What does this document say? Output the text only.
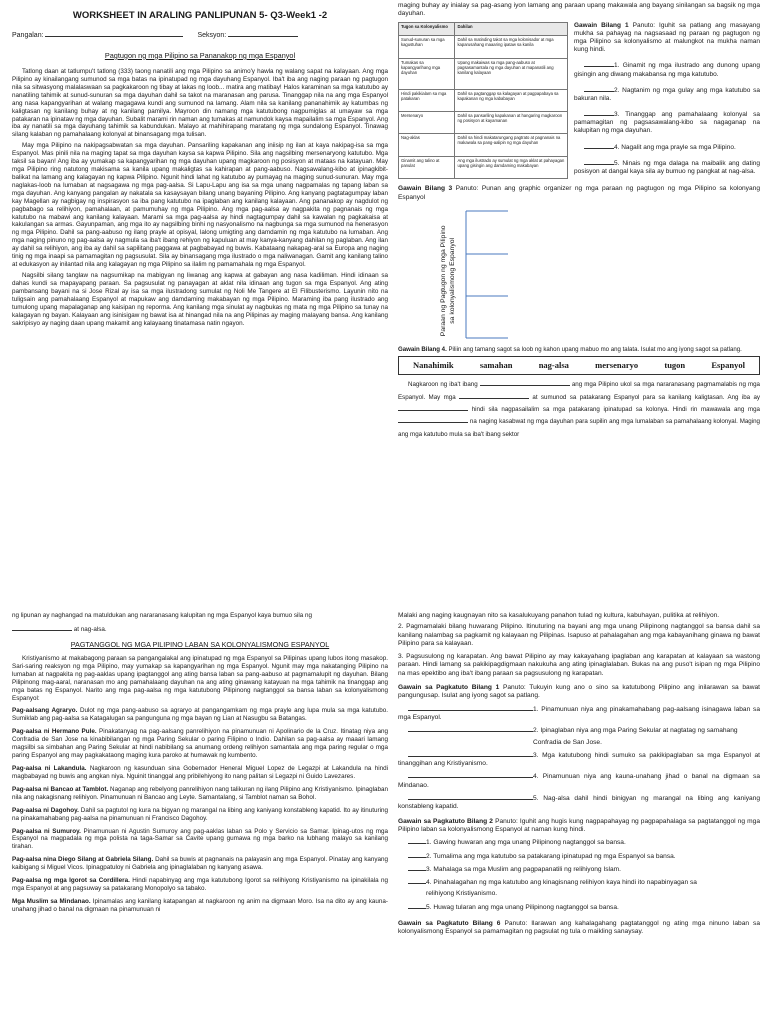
WORKSHEET IN ARALING PANLIPUNAN 5- Q3-Week1 -2
Pangalan:	Seksyon:
Pagtugon ng mga Pilipino sa Pananakop ng mga Espanyol

Tatlong daan at tatlumpu't tatlong (333) taong nanatili ang mga Pilipino sa animo'y hawla ng walang sapat na kalayaan. Ang mga Pilipino ay kinailangang sumunod sa mga batas na ipinatupad ng mga dayuhang Espanyol. Iba't iba ang naging paraan ng pagtugon nila sa sitwasyong malalaswaan sa pagkakaroon ng tibay at lakas ng loob... matira ang matibay! Halos karaminan sa mga katutubo ay nanatiling tahimik at sunud-sunuran sa mga dayuhan dahil sa takot na maranasan ang parusa. Tinanggap nila na ang mga Espanyol ang nasa kapangyarihan at walang magagawa kundi ang sumunod na lamang. Alam nila sa kanilang pananahimik ay katumbas ng kaligtasan ng kanilang buhay at ng kanilang pamilya. Mayroon din namang mga katutubong nagpumiglas at umayaw sa mga patakaran na ipinataw ng mga dayuhan. Subalit marami rin naman ang tumakas at namundok kaysa mapailalim sa mga Espanyol. Ang iba ay nanatili sa mga dayuhang tahimik sa kabundukan. Malayo at mahihirapang maratang ng mga sundalong Espanyol. Tinawag silang kalaban ng pamahalaang kolonyal at binansagang mga tulisan.

May mga Pilipino na nakipagsabwatan sa mga dayuhan. Pansariling kapakanan ang iniisip ng ilan at kaya nakipag-isa sa mga Espanyol. Mas pinili nila na maging tapat sa mga dayuhan kaysa sa kapwa Pilipino. Sila ang nagsilbing mersenaryong katutubo. Mga taksil sa bayan! Ang iba ay yumakap sa kapangyarihan ng mga dayuhan upang magkaroon ng posisyon at mataas na katayuan. May mga Pilipino ring natutong makisama sa kanila upang makaligtas sa kahirapan at pang-aabuso. Nagsawalang-kibo at ipinagkibit-balikat na lamang ang kalagayan ng kapwa Pilipino. Ngunit hindi lahat ng katutubo ay pumayag na maging sunud-sunuran. May mga naglakas-loob na lumaban at nagsagawa ng mga pag-aalsa. Si Lapu-Lapu ang isa sa mga unang nagpamalas ng tapang laban sa mga dayuhan. Ang kanyang pangalan ay nakatala sa kasaysayan bilang unang bayaning Pilipino. Ang kanyang pagtatagumpay laban kay Magellan ay nagbigay ng inspirasyon sa iba pang katutubo na ipaglaban ang kanilang kalayaan. Ang pananakop ay nagdulot ng pagbabago sa relihiyon, pamahalaan, at pamumuhay ng mga Pilipino. Ang mga pag-aalsa ay nagpakita ng pagnanais ng mga katutubo na mabawi ang kanilang kalayaan. Marami sa mga pag-aalsa ay hindi nagtagumpay dahil sa kawalan ng pagkakaisa at kakulangan sa armas. Gayunpaman, ang mga ito ay nagsilbing binhi ng nasyonalismo na nagbunga sa mga sumunod na henerasyon ng mga Pilipino. Dahil sa pang-aabuso ng ilang prayle at opisyal, lalong umigting ang damdamin ng mga katutubo na lumaban. Ang mga naging pinuno ng pag-aalsa ay nagmula sa iba't ibang rehiyon ng kapuluan at may kanya-kanyang dahilan ng paglaban. Ang ilan ay dahil sa relihiyon, ang iba ay dahil sa sapilitang paggawa at pagbabayad ng buwis. Kabataang nakapag-aral sa Europa ang naging tinig ng mga inaapi sa pamamagitan ng pagsusulat. Sila ay binansagang mga ilustrado o mga naliwanagan. Gamit ang kanilang talino at edukasyon ay inilantad nila ang kalagayan ng mga Pilipino sa ilalim ng pamamahala ng mga Espanyol.

Nagsilbi silang tanglaw na nagsumikap na mabigyan ng liwanag ang kapwa at gabayan ang nasa kadiliman. Hindi idinaan sa dahas kundi sa mapayapang paraan. Sa pagsusulat ng panayagan at aklat nila idinaan ang tugon sa mga Espanyol. Ang ating pambansang bayani na si Jose Rizal ay isa sa mga ilustradong sumulat ng Noli Me Tangere at El Filibusterismo. Layunin nito na tuligsain ang pamahalaang Espanyol at mapukaw ang damdaming makabayan ng mga Pilipino. Maraming iba pang ilustrado ang tumulong upang mapalaganap ang kaisipan ng reporma. Ang kanilang mga sinulat ay nagbukas ng mata ng mga Pilipino sa tunay na kalagayan ng bayan. Kalayaan ang isinisigaw ng bawat isa at hinangad nila na ang Pilipinas ay maging malayang bansa. Ang kanilang sakripisyo ay naging daan upang makamit ang kalayaang tinatamasa natin ngayon.

maging buhay ay inialay sa pag-asang iyon lamang ang paraan upang makawala ang bayang sinilangan sa bagsik ng mga dayuhan.

Tugon sa Kolonyalismo	Dahilan
Sunud-sunuran sa mga kagustuhan	Dahil sa matinding takot sa mga kolonisador at mga kaparusahang maaaring ipataw sa kanila
Tumakas sa kapangyarihang mga dayuhan	Upang makaiwas sa mga pang-aabuso at pagsasamantala ng mga dayuhan at mapanatili ang kanilang kalayaan
Hindi pakikialam sa mga patakaran	Dahil sa pagtanggap sa kalagayan at pagpapabaya sa kapakanan ng mga kababayan
Mersenaryo	Dahil sa pansariling kapakanan at hangaring magkaroon ng posisyon at kayamanan
Nag-aklas	Dahil sa hindi makatarungang pagtrato at pagnanais na makawala sa pang-aalipin ng mga dayuhan
Ginamit ang talino at panulat	Ang mga ilustrado ay sumulat ng mga aklat at pahayagan upang gisingin ang damdaming makabayan

Gawain Bilang 1 Panuto: Iguhit sa patlang ang masayang mukha sa pahayag na nagsasaad ng paraan ng pagtugon ng mga Pilipino sa kolonyalismo at malungkot na mukha naman kung hindi.

1. Ginamit ng mga ilustrado ang dunong upang gisingin ang diwang makabansa ng mga katutubo.

2. Nagtanim ng mga gulay ang mga katutubo sa bakuran nila.

3. Tinanggap ang pamahalaang kolonyal sa pamamagitan ng pagsasawalang-kibo sa nagaganap na kalupitan ng mga dayuhan.

4. Nagalit ang mga prayle sa mga Pilipino.

5. Ninais ng mga dalaga na maibalik ang dating posisyon at dangal kaya sila ay bumuo ng pangkat at nag-alsa.

Gawain Bilang 3 Panuto: Punan ang graphic organizer ng mga paraan ng pagtugon ng mga Pilipino sa kolonyang Espanyol

Paraan ng Pagtugon ng mga Pilipino sa kolonyalismong Espanyol

Gawain Bilang 4. Piliin ang tamang sagot sa loob ng kahon upang mabuo mo ang talata. Isulat mo ang iyong sagot sa patlang.

Nanahimik	samahan	nag-alsa	mersenaryo	tugon	Espanyol

Nagkaroon ng iba't ibang	ang mga Pilipino ukol sa mga nararanasang pagmamalabis ng mga Espanyol. May mga	at sumunod sa patakarang Espanyol para sa kanilang kaligtasan. Ang iba ay  hindi sila nagpasailalim sa mga patakarang ipinatupad sa kolonya. Hindi rin mawawala ang mga  na naging kasabwat ng mga dayuhan para supilin ang mga lumalaban sa pamahalaang kolonyal. Maging ang mga katutubo mula sa iba't ibang sektor

ng lipunan ay naghangad na matuldukan ang nararanasang kalupitan ng mga Espanyol kaya bumuo sila ng

at nag-alsa.

PAGTANGGOL NG MGA PILIPINO LABAN SA KOLONYALISMONG ESPANYOL

Kristiyanismo at makabagong paraan sa pangangalakal ang ipinatupad ng mga Espanyol sa Pilipinas upang lubos itong masakop. Sari-saring reaksyon ng mga Pilipino, may yumakap sa kapangyarihan ng mga Espanyol. Ngunit may mga nakatanging Pilipino na lumaban at nagpakita ng pag-aaklas upang ipagtanggol ang ating bansa laban sa pang-aabuso at pagmamalupit ng dayuhan. Bilang Pilipinong mag-aaral, naranasan mo ang pamahalaang dayuhan na ang ating ginawang katayuan na mga tahimik na tinanggap ang mga batas ng Espanyol. Narito ang mga pag-aalsa ng mga katutubong Pilipinong nagtanggol sa bansa laban sa kolonyalismong Espanyol:

Pag-aalsang Agraryo. Dulot ng mga pang-aabuso sa agraryo at pangangamkam ng mga prayle ang lupa mula sa mga katutubo. Sumiklab ang pag-aalsa sa Katagalugan sa pangunguna ng mga bayan ng Lian at Nasugbu sa Batangas.

Pag-aalsa ni Hermano Pule. Pinakatanyag na pag-aalsang panrelihiyon na pinamunuan ni Apolinario de la Cruz. Itinatag niya ang Confradia de San Jose na kinabibilangan ng mga Paring Sekular o paring Filipino o Indio. Dahilan sa pag-aalsa ay maaari lamang magsilbi sa simbahan ang Paring Sekular at hindi nabibilang sa anumang ordeng relihiyon samantala ang mga paring regular o mga paring Espanyol ang may pagkakataong maging kura paroko at humawak ng kumbento.

Pag-aalsa ni Lakandula. Nagkaroon ng kasunduan sina Gobernador Heneral Miguel Lopez de Legazpi at Lakandula na hindi magbabayad ng buwis ang angkan niya. Nguinit tinanggal ang pribilehiyong ito nang palitan si Legazpi ni Guido Lavezares.

Pag-aalsa ni Bancao at Tamblot. Naganap ang rebelyong panrelihiyon nang talikuran ng ilang Pilipino ang Kristiyanismo. Ipinaglaban nila ang nakagisnang relihiyon. Pinamunuan ni Bancao ang Leyte. Samantalang, si Tamblot naman sa Bohol.

Pag-aalsa ni Dagohoy. Dahil sa pagtutol ng kura na bigyan ng marangal na libing ang kaniyang konstableng kapatid. Ito ay itinuturing na pinakamahabang pag-aalsa na pinamunuan ni Francisco Dagohoy.

Pag-aalsa ni Sumuroy. Pinamunuan ni Agustin Sumuroy ang pag-aaklas laban sa Polo y Servicio sa Samar. Ipinag-utos ng mga Espanyol na magpadala ng mga polista na taga-Samar sa Cavite upang gumawa ng mga barko na lubhang malayo sa kanilang tirahan.

Pag-aalsa nina Diego Silang at Gabriela Silang. Dahil sa buwis at pagnanais na palayasin ang mga Espanyol. Pinatay ang kanyang kaibigang si Miguel Vicos. Ipinagpatuloy ni Gabriela ang ipinaglalaban ng kanyang asawa.

Pag-aalsa ng mga Igorot sa Cordillera. Hindi napabinyag ang mga katutubong Igorot sa relihiyong Kristiyanismo na ipinakilala ng mga Espanyol at ang pagsuway sa patakarang Monopolyo sa tabako.

Mga Muslim sa Mindanao. Ipinamalas ang kanilang katapangan at nagkaroon ng anim na digmaan Moro. Isa na dito ay ang kauna-unahang jihad o banal na digmaan na pinamunuan ni

Malaki ang naging kaugnayan nito sa kasalukuyang panahon tulad ng kultura, kabuhayan, pulitika at relihiyon.

2. Pagmamalaki bilang huwarang Pilipino. Itinuturing na bayani ang mga unang Pilipinong nagtanggol sa bansa dahil sa kanilang nalambag sa pagkamit ng kalayaan ng Pilipinas. Isapuso at pahalagahan ang mga kabayanihang ginawa ng bawat Pilipino para sa kalayaan.

3. Pagsusulong ng karapatan. Ang bawat Pilipino ay may kakayahang ipaglaban ang karapatan at kalayaan sa wastong paraan. Hindi lamang sa pakikipagdigmaan nakukuha ang ating ipinaglalaban. Bukas na ang puso't isipan ng mga Pilipino na mas epektibo ang iba't ibang paraan sa pagsusulong ng karapatan.

Gawain sa Pagkatuto Bilang 1 Panuto: Tukuyin kung ano o sino sa katutubong Pilipino ang inilarawan sa bawat pangungusap. Isulat ang iyong sagot sa patlang.

1. Pinamunuan niya ang pinakamahabang pag-aalsang isinagawa laban sa mga Espanyol.

2. Ipinaglaban niya ang mga Paring Sekular at nagtatag ng samahang

Confradia de San Jose.

3. Mga katutubong hindi sumuko sa pakikipaglaban sa mga Espanyol at tinanggihan ang Kristiyanismo.

4. Pinamunuan niya ang kauna-unahang jihad o banal na digmaan sa Mindanao.

5. Nag-alsa dahil hindi binigyan ng marangal na libing ang kaniyang konstableng kapatid.

Gawain sa Pagkatuto Bilang 2 Panuto: Iguhit ang hugis kung nagpapahayag ng pagpapahalaga sa pagtatanggol ng mga Pilipino laban sa kolonyalismong Espanyol at naman kung hindi.

1. Gawing huwaran ang mga unang Pilipinong nagtanggol sa bansa.

2. Tumalima ang mga katutubo sa patakarang ipinatupad ng mga Espanyol sa bansa.

3. Mahalaga sa mga Muslim ang pagpapanatili ng relihiyong Islam.

4. Pinahalagahan ng mga katutubo ang kinagisnang relihiyon kaya hindi ito napabinyagan sa

relihiyong Kristiyanismo.

5. Huwag tularan ang mga unang Pilipinong nagtanggol sa bansa.

Gawain sa Pagkatuto Bilang 6 Panuto: Ilarawan ang kahalagahang pagtatanggol ng ating mga ninuno laban sa kolonyalismong Espanyol sa pamamagitan ng pagsulat ng tula o maikling sanaysay.
